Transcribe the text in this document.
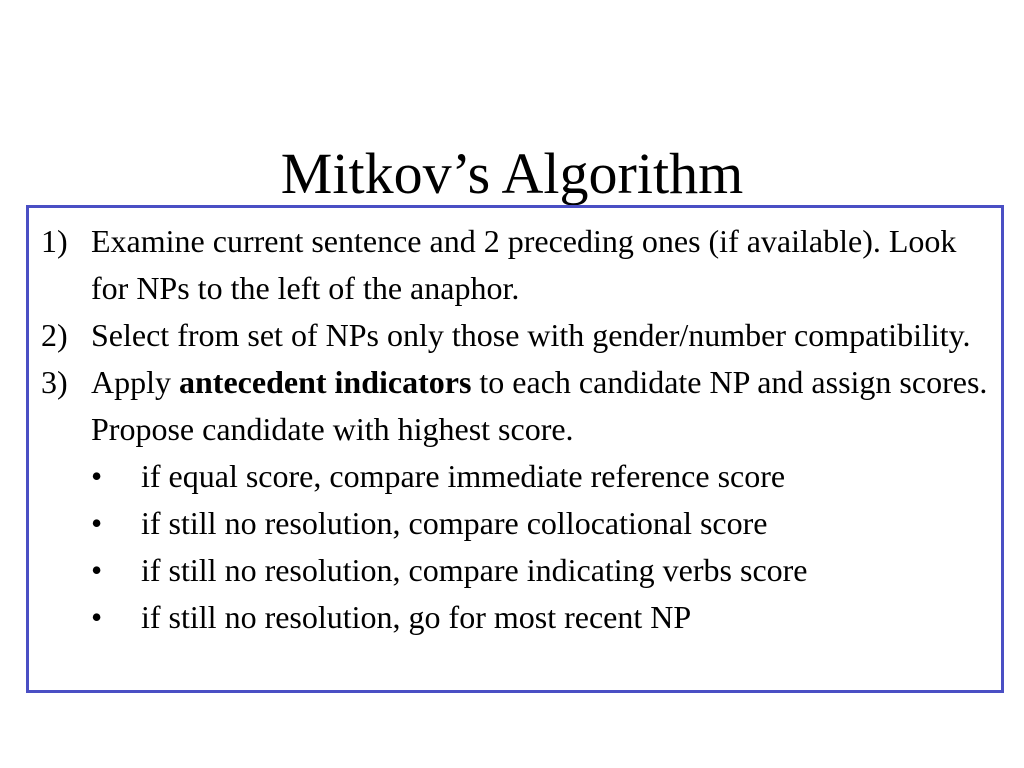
Mitkov’s Algorithm
1) Examine current sentence and 2 preceding ones (if available). Look for NPs to the left of the anaphor.
2) Select from set of NPs only those with gender/number compatibility.
3) Apply antecedent indicators to each candidate NP and assign scores. Propose candidate with highest score.
• if equal score, compare immediate reference score
• if still no resolution, compare collocational score
• if still no resolution, compare indicating verbs score
• if still no resolution, go for most recent NP
